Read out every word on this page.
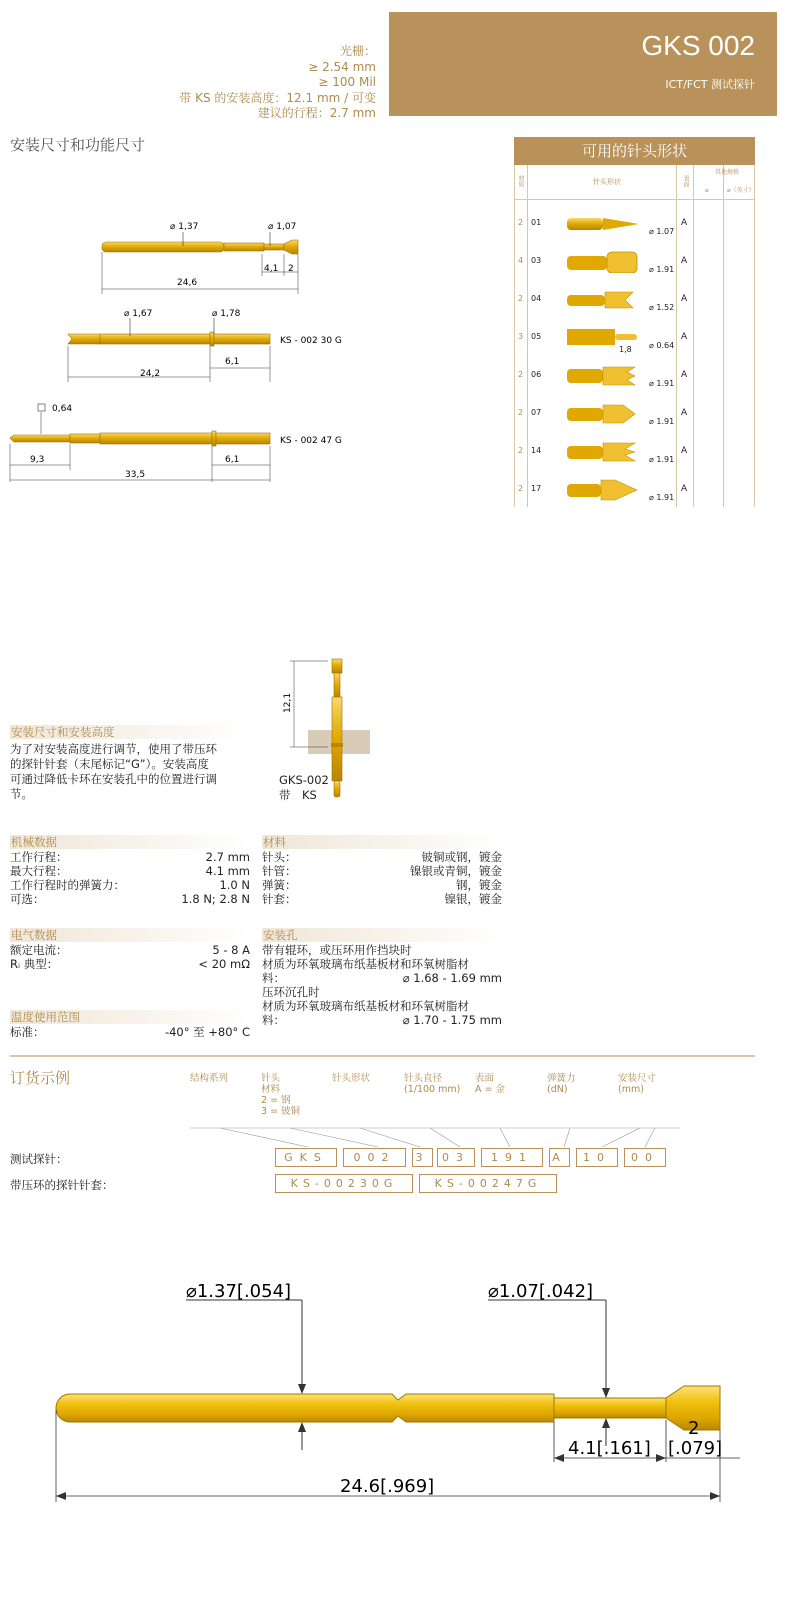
GKS 002
ICT/FCT 测试探针
光栅：
≥ 2.54 mm
≥ 100 Mil
带 KS 的安装高度：12.1 mm / 可变
建议的行程：2.7 mm
安装尺寸和功能尺寸
⌀ 1,37	⌀ 1,07
24,6
4,1 2
⌀ 1,67	⌀ 1,78
24,2
6,1
KS - 002 30 G
0,64
9,3	6,1
33,5
KS - 002 47 G
可用的针头形状
材质	针头形状	表面
其他规格
⌀	⌀（英寸）
2 01
⌀ 1.07
A
4 03
⌀ 1.91
A
2 04
⌀ 1.52
A
3 05
1,8 ⌀ 0.64
A
2 06
⌀ 1.91
A
2 07
⌀ 1.91
A
2 14
⌀ 1.91
A
2 17
⌀ 1.91
A
12,1
GKS-002
带　KS
安装尺寸和安装高度
为了对安装高度进行调节，使用了带压环
的探针针套（末尾标记“G”）。安装高度
可通过降低卡环在安装孔中的位置进行调
节。
机械数据
工作行程：	2.7 mm
最大行程：	4.1 mm
工作行程时的弹簧力：	1.0 N
可选：	1.8 N; 2.8 N
材料
针头：	铍铜或钢，镀金
针管：	镍银或青铜，镀金
弹簧：	钢，镀金
针套：	镍银，镀金
电气数据
额定电流：	5 - 8 A
Rᵢ 典型：	< 20 mΩ
温度使用范围
标准：	-40° 至 +80° C
安装孔
带有辊环，或压环用作挡块时
材质为环氧玻璃布纸基板材和环氧树脂材
料：	⌀ 1.68 - 1.69 mm
压环沉孔时
材质为环氧玻璃布纸基板材和环氧树脂材
料：	⌀ 1.70 - 1.75 mm
订货示例	结构系列	针头
材料
2 = 钢
3 = 铍铜
针头形状	针头直径
(1/100 mm)
表面
A = 金
弹簧力
(dN)
安装尺寸
(mm)
测试探针：	GKS	002	3	03	191	A	10	00
带压环的探针针套：	KS-00230G	KS-00247G
⌀1.37[.054]	⌀1.07[.042]
24.6[.969]
4.1[.161]
2
[.079]
